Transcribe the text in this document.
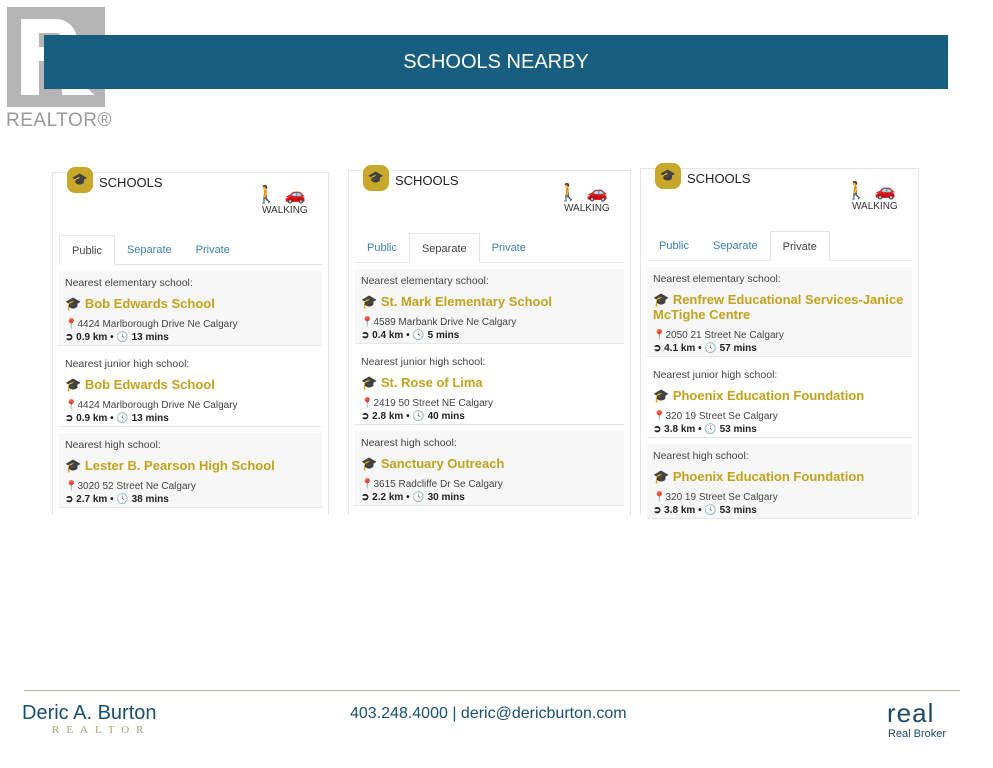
SCHOOLS NEARBY
REALTOR®
🎓 SCHOOLS
🚶🚗
WALKING
Public	Separate	Private
Nearest elementary school:
🎓 Bob Edwards School
📍4424 Marlborough Drive Ne Calgary
➲ 0.9 km • 🕓 13 mins
Nearest junior high school:
🎓 Bob Edwards School
📍4424 Marlborough Drive Ne Calgary
➲ 0.9 km • 🕓 13 mins
Nearest high school:
🎓 Lester B. Pearson High School
📍3020 52 Street Ne Calgary
➲ 2.7 km • 🕓 38 mins
🎓 SCHOOLS
🚶🚗
WALKING
Public	Separate	Private
Nearest elementary school:
🎓 St. Mark Elementary School
📍4589 Marbank Drive Ne Calgary
➲ 0.4 km • 🕓 5 mins
Nearest junior high school:
🎓 St. Rose of Lima
📍2419 50 Street NE Calgary
➲ 2.8 km • 🕓 40 mins
Nearest high school:
🎓 Sanctuary Outreach
📍3615 Radcliffe Dr Se Calgary
➲ 2.2 km • 🕓 30 mins
🎓 SCHOOLS
🚶🚗
WALKING
Public	Separate	Private
Nearest elementary school:
🎓 Renfrew Educational Services-Janice McTighe Centre
📍2050 21 Street Ne Calgary
➲ 4.1 km • 🕓 57 mins
Nearest junior high school:
🎓 Phoenix Education Foundation
📍320 19 Street Se Calgary
➲ 3.8 km • 🕓 53 mins
Nearest high school:
🎓 Phoenix Education Foundation
📍320 19 Street Se Calgary
➲ 3.8 km • 🕓 53 mins
Deric A. Burton
REALTOR
403.248.4000 | deric@dericburton.com	real
Real Broker
